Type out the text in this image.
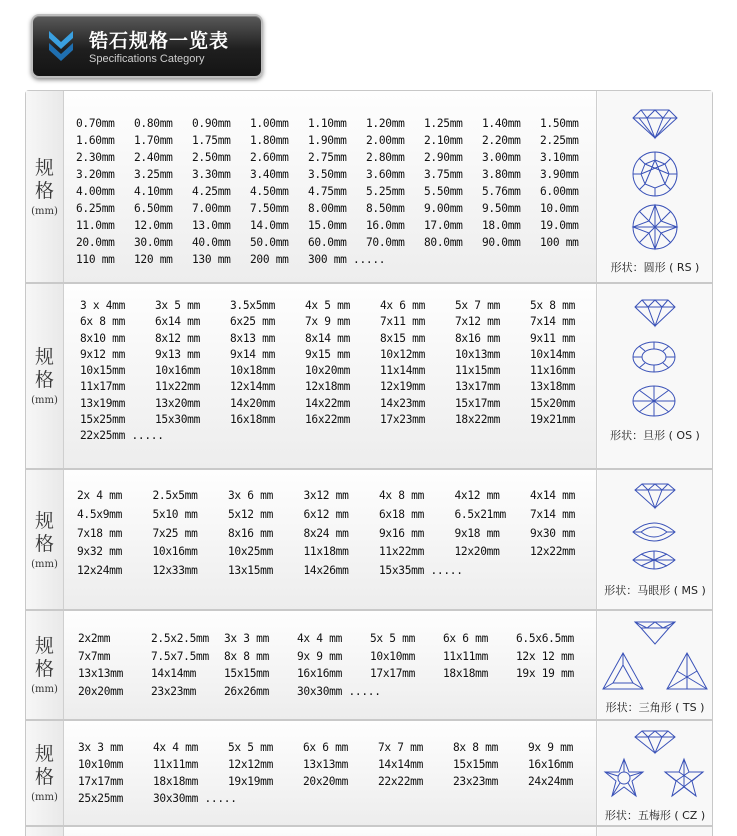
锆石规格一览表
Specifications Category
规
格
(mm)
0.70mm	0.80mm	0.90mm	1.00mm	1.10mm	1.20mm	1.25mm	1.40mm	1.50mm
1.60mm	1.70mm	1.75mm	1.80mm	1.90mm	2.00mm	2.10mm	2.20mm	2.25mm
2.30mm	2.40mm	2.50mm	2.60mm	2.75mm	2.80mm	2.90mm	3.00mm	3.10mm
3.20mm	3.25mm	3.30mm	3.40mm	3.50mm	3.60mm	3.75mm	3.80mm	3.90mm
4.00mm	4.10mm	4.25mm	4.50mm	4.75mm	5.25mm	5.50mm	5.76mm	6.00mm
6.25mm	6.50mm	7.00mm	7.50mm	8.00mm	8.50mm	9.00mm	9.50mm	10.0mm
11.0mm	12.0mm	13.0mm	14.0mm	15.0mm	16.0mm	17.0mm	18.0mm	19.0mm
20.0mm	30.0mm	40.0mm	50.0mm	60.0mm	70.0mm	80.0mm	90.0mm	100 mm
110 mm	120 mm	130 mm	200 mm	300 mm .....
形状：圆形 ( RS )
规
格
(mm)
3 x 4mm	3x 5 mm	3.5x5mm	4x 5 mm	4x 6 mm	5x 7 mm	5x 8 mm
6x 8 mm	6x14 mm	6x25 mm	7x 9 mm	7x11 mm	7x12 mm	7x14 mm
8x10 mm	8x12 mm	8x13 mm	8x14 mm	8x15 mm	8x16 mm	9x11 mm
9x12 mm	9x13 mm	9x14 mm	9x15 mm	10x12mm	10x13mm	10x14mm
10x15mm	10x16mm	10x18mm	10x20mm	11x14mm	11x15mm	11x16mm
11x17mm	11x22mm	12x14mm	12x18mm	12x19mm	13x17mm	13x18mm
13x19mm	13x20mm	14x20mm	14x22mm	14x23mm	15x17mm	15x20mm
15x25mm	15x30mm	16x18mm	16x22mm	17x23mm	18x22mm	19x21mm
22x25mm .....	形状：旦形 ( OS )
规
格
(mm)
2x 4 mm	2.5x5mm	3x 6 mm	3x12 mm	4x 8 mm	4x12 mm	4x14 mm
4.5x9mm	5x10 mm	5x12 mm	6x12 mm	6x18 mm	6.5x21mm	7x14 mm
7x18 mm	7x25 mm	8x16 mm	8x24 mm	9x16 mm	9x18 mm	9x30 mm
9x32 mm	10x16mm	10x25mm	11x18mm	11x22mm	12x20mm	12x22mm
12x24mm	12x33mm	13x15mm	14x26mm	15x35mm .....
形状：马眼形 ( MS )
规
格
(mm)
2x2mm	2.5x2.5mm	3x 3 mm	4x 4 mm	5x 5 mm	6x 6 mm	6.5x6.5mm
7x7mm	7.5x7.5mm	8x 8 mm	9x 9 mm	10x10mm	11x11mm	12x 12 mm
13x13mm	14x14mm	15x15mm	16x16mm	17x17mm	18x18mm	19x 19 mm
20x20mm	23x23mm	26x26mm	30x30mm .....
形状：三角形 ( TS )
规
格
(mm)
3x 3 mm	4x 4 mm	5x 5 mm	6x 6 mm	7x 7 mm	8x 8 mm	9x 9 mm
10x10mm	11x11mm	12x12mm	13x13mm	14x14mm	15x15mm	16x16mm
17x17mm	18x18mm	19x19mm	20x20mm	22x22mm	23x23mm	24x24mm
25x25mm	30x30mm .....
形状：五梅形 ( CZ )
